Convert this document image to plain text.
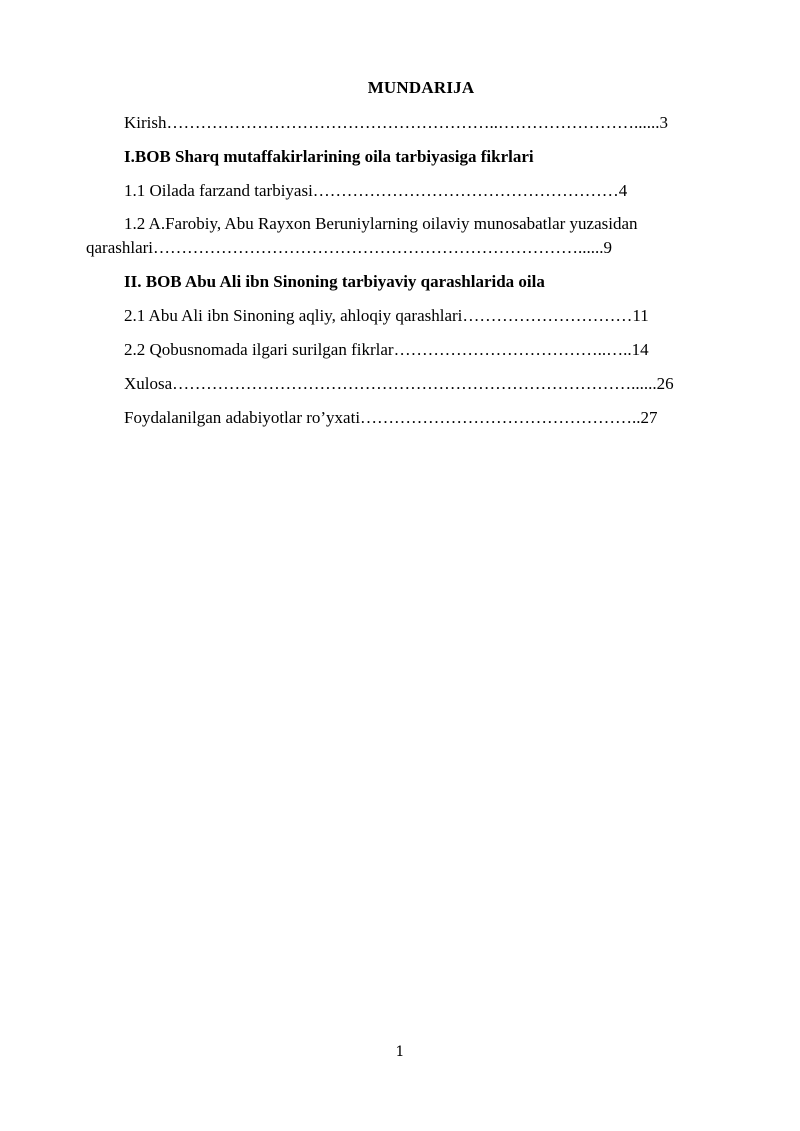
MUNDARIJA
Kirish…………………………………………………..……………………......3
I.BOB Sharq mutaffakirlarining oila tarbiyasiga fikrlari
1.1 Oilada farzand tarbiyasi………………………………………………4
1.2 A.Farobiy, Abu Rayxon Beruniylarning oilaviy munosabatlar yuzasidan
qarashlari…………………………………………………………………......9
II. BOB Abu Ali ibn Sinoning tarbiyaviy qarashlarida oila
2.1 Abu Ali ibn Sinoning aqliy, ahloqiy qarashlari…………………………11
2.2 Qobusnomada ilgari surilgan fikrlar………………………………..…..14
Xulosa………………………………………………………………………......26
Foydalanilgan adabiyotlar ro’yxati…………………………………………..27
1
